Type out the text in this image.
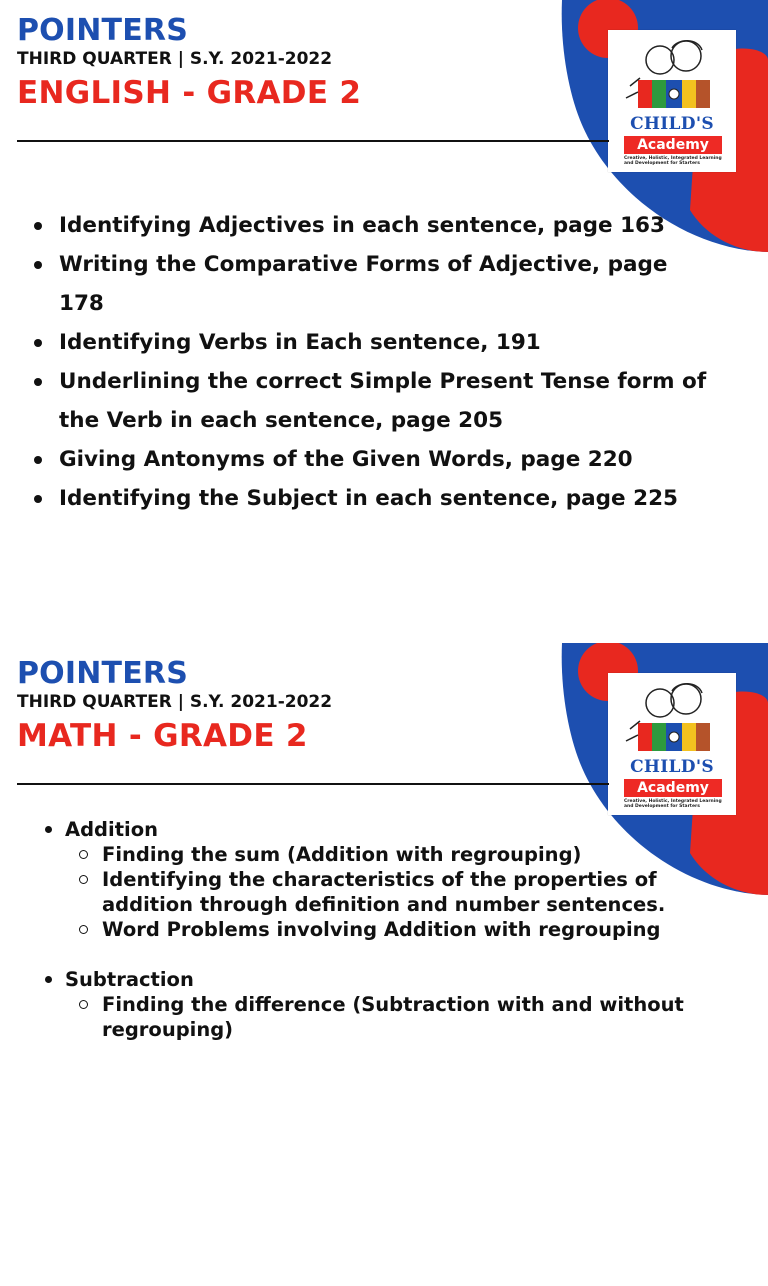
CHILD'S
Academy
Creative, Holistic, Integrated Learning and Development for Starters
POINTERS
THIRD QUARTER | S.Y. 2021-2022
ENGLISH - GRADE 2
Identifying Adjectives in each sentence, page 163
Writing the Comparative Forms of Adjective, page 178
Identifying Verbs in Each sentence, 191
Underlining the correct Simple Present Tense form of the Verb in each sentence, page 205
Giving Antonyms of the Given Words, page 220
Identifying the Subject in each sentence, page 225
CHILD'S
Academy
Creative, Holistic, Integrated Learning and Development for Starters
POINTERS
THIRD QUARTER | S.Y. 2021-2022
MATH - GRADE 2
Addition
Finding the sum (Addition with regrouping)
Identifying the characteristics of the properties of addition through definition and number sentences.
Word Problems involving Addition with regrouping
Subtraction
Finding the difference (Subtraction with and without regrouping)
